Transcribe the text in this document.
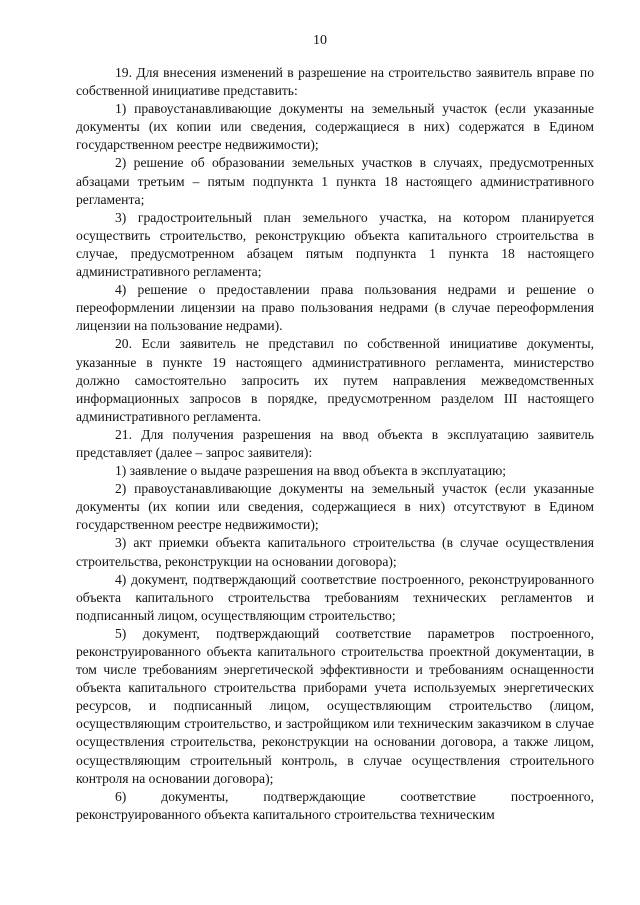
10

19. Для внесения изменений в разрешение на строительство заявитель вправе по собственной инициативе представить:

1) правоустанавливающие документы на земельный участок (если указанные документы (их копии или сведения, содержащиеся в них) содержатся в Едином государственном реестре недвижимости);

2) решение об образовании земельных участков в случаях, предусмотренных абзацами третьим – пятым подпункта 1 пункта 18 настоящего административного регламента;

3) градостроительный план земельного участка, на котором планируется осуществить строительство, реконструкцию объекта капитального строительства в случае, предусмотренном абзацем пятым подпункта 1 пункта 18 настоящего административного регламента;

4) решение о предоставлении права пользования недрами и решение о переоформлении лицензии на право пользования недрами (в случае переоформления лицензии на пользование недрами).

20. Если заявитель не представил по собственной инициативе документы, указанные в пункте 19 настоящего административного регламента, министерство должно самостоятельно запросить их путем направления межведомственных информационных запросов в порядке, предусмотренном разделом III настоящего административного регламента.

21. Для получения разрешения на ввод объекта в эксплуатацию заявитель представляет (далее – запрос заявителя):

1) заявление о выдаче разрешения на ввод объекта в эксплуатацию;

2) правоустанавливающие документы на земельный участок (если указанные документы (их копии или сведения, содержащиеся в них) отсутствуют в Едином государственном реестре недвижимости);

3) акт приемки объекта капитального строительства (в случае осуществления строительства, реконструкции на основании договора);

4) документ, подтверждающий соответствие построенного, реконструированного объекта капитального строительства требованиям технических регламентов и подписанный лицом, осуществляющим строительство;

5) документ, подтверждающий соответствие параметров построенного, реконструированного объекта капитального строительства проектной документации, в том числе требованиям энергетической эффективности и требованиям оснащенности объекта капитального строительства приборами учета используемых энергетических ресурсов, и подписанный лицом, осуществляющим строительство (лицом, осуществляющим строительство, и застройщиком или техническим заказчиком в случае осуществления строительства, реконструкции на основании договора, а также лицом, осуществляющим строительный контроль, в случае осуществления строительного контроля на основании договора);

6) документы, подтверждающие соответствие построенного, реконструированного объекта капитального строительства техническим
